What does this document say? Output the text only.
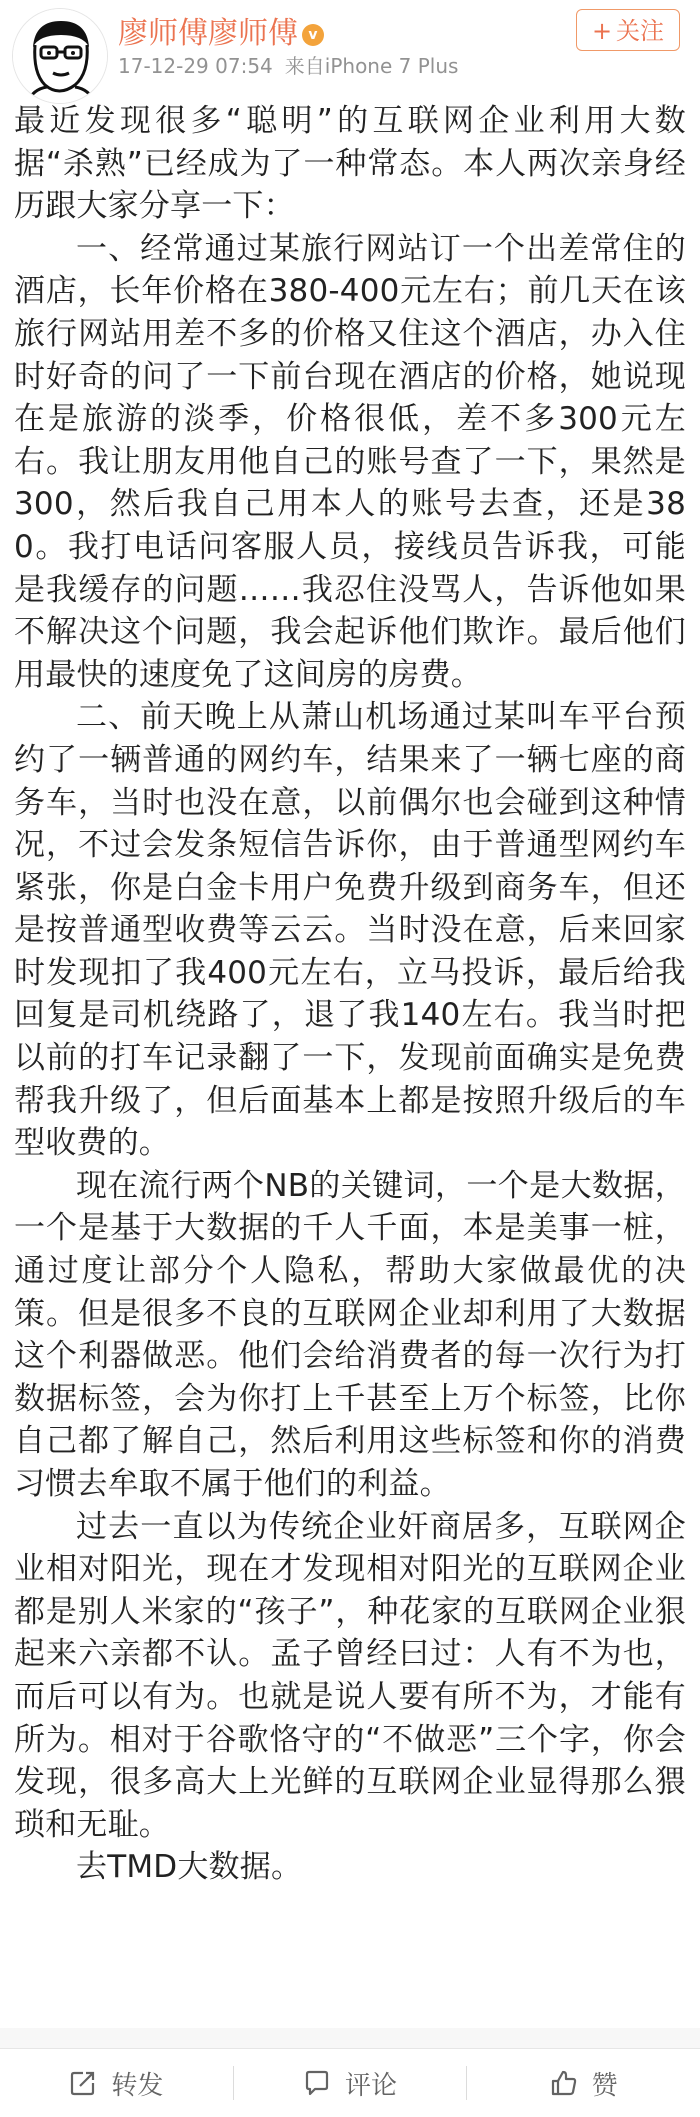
廖师傅廖师傅 v
17-12-29 07:54 来自iPhone 7 Plus
+ 关注

最近发现很多“聪明”的互联网企业利用大数据“杀熟”已经成为了一种常态。本人两次亲身经历跟大家分享一下：

一、经常通过某旅行网站订一个出差常住的酒店，长年价格在380-400元左右；前几天在该旅行网站用差不多的价格又住这个酒店，办入住时好奇的问了一下前台现在酒店的价格，她说现在是旅游的淡季，价格很低，差不多300元左右。我让朋友用他自己的账号查了一下，果然是300，然后我自己用本人的账号去查，还是380。我打电话问客服人员，接线员告诉我，可能是我缓存的问题……我忍住没骂人，告诉他如果不解决这个问题，我会起诉他们欺诈。最后他们用最快的速度免了这间房的房费。

二、前天晚上从萧山机场通过某叫车平台预约了一辆普通的网约车，结果来了一辆七座的商务车，当时也没在意，以前偶尔也会碰到这种情况，不过会发条短信告诉你，由于普通型网约车紧张，你是白金卡用户免费升级到商务车，但还是按普通型收费等云云。当时没在意，后来回家时发现扣了我400元左右，立马投诉，最后给我回复是司机绕路了，退了我140左右。我当时把以前的打车记录翻了一下，发现前面确实是免费帮我升级了，但后面基本上都是按照升级后的车型收费的。

现在流行两个NB的关键词，一个是大数据，一个是基于大数据的千人千面，本是美事一桩，通过度让部分个人隐私，帮助大家做最优的决策。但是很多不良的互联网企业却利用了大数据这个利器做恶。他们会给消费者的每一次行为打数据标签，会为你打上千甚至上万个标签，比你自己都了解自己，然后利用这些标签和你的消费习惯去牟取不属于他们的利益。

过去一直以为传统企业奸商居多，互联网企业相对阳光，现在才发现相对阳光的互联网企业都是别人米家的“孩子”，种花家的互联网企业狠起来六亲都不认。孟子曾经曰过：人有不为也，而后可以有为。也就是说人要有所不为，才能有所为。相对于谷歌恪守的“不做恶”三个字，你会发现，很多高大上光鲜的互联网企业显得那么猥琐和无耻。

去TMD大数据。

转发	评论	赞
